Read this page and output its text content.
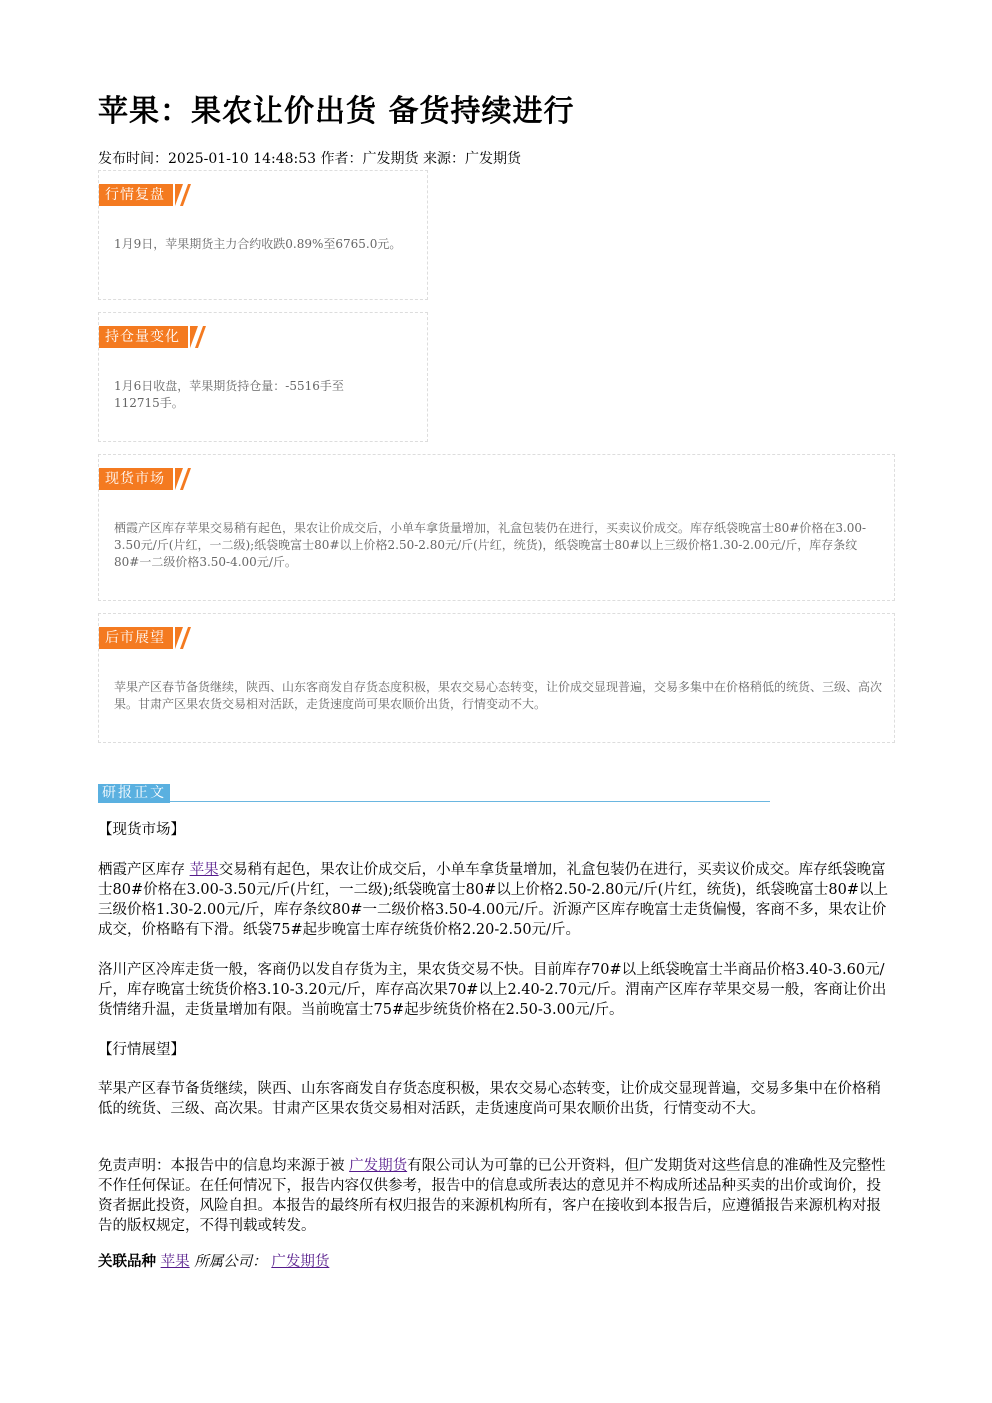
苹果：果农让价出货 备货持续进行
发布时间：2025-01-10 14:48:53 作者：广发期货 来源：广发期货
行情复盘
1月9日，苹果期货主力合约收跌0.89%至6765.0元。
持仓量变化
1月6日收盘，苹果期货持仓量：-5516手至112715手。
现货市场
栖霞产区库存苹果交易稍有起色，果农让价成交后，小单车拿货量增加，礼盒包装仍在进行，买卖议价成交。库存纸袋晚富士80#价格在3.00-3.50元/斤(片红，一二级);纸袋晚富士80#以上价格2.50-2.80元/斤(片红，统货)，纸袋晚富士80#以上三级价格1.30-2.00元/斤，库存条纹80#一二级价格3.50-4.00元/斤。
后市展望
苹果产区春节备货继续，陕西、山东客商发自存货态度积极，果农交易心态转变，让价成交显现普遍，交易多集中在价格稍低的统货、三级、高次果。甘肃产区果农货交易相对活跃，走货速度尚可果农顺价出货，行情变动不大。
研报正文
【现货市场】
栖霞产区库存 苹果交易稍有起色，果农让价成交后，小单车拿货量增加，礼盒包装仍在进行，买卖议价成交。库存纸袋晚富士80#价格在3.00-3.50元/斤(片红，一二级);纸袋晚富士80#以上价格2.50-2.80元/斤(片红，统货)，纸袋晚富士80#以上三级价格1.30-2.00元/斤，库存条纹80#一二级价格3.50-4.00元/斤。沂源产区库存晚富士走货偏慢，客商不多，果农让价成交，价格略有下滑。纸袋75#起步晚富士库存统货价格2.20-2.50元/斤。
洛川产区冷库走货一般，客商仍以发自存货为主，果农货交易不快。目前库存70#以上纸袋晚富士半商品价格3.40-3.60元/斤，库存晚富士统货价格3.10-3.20元/斤，库存高次果70#以上2.40-2.70元/斤。渭南产区库存苹果交易一般，客商让价出货情绪升温，走货量增加有限。当前晚富士75#起步统货价格在2.50-3.00元/斤。
【行情展望】
苹果产区春节备货继续，陕西、山东客商发自存货态度积极，果农交易心态转变，让价成交显现普遍，交易多集中在价格稍低的统货、三级、高次果。甘肃产区果农货交易相对活跃，走货速度尚可果农顺价出货，行情变动不大。
免责声明：本报告中的信息均来源于被 广发期货有限公司认为可靠的已公开资料，但广发期货对这些信息的准确性及完整性不作任何保证。在任何情况下，报告内容仅供参考，报告中的信息或所表达的意见并不构成所述品种买卖的出价或询价，投资者据此投资，风险自担。本报告的最终所有权归报告的来源机构所有，客户在接收到本报告后，应遵循报告来源机构对报告的版权规定，不得刊载或转发。
关联品种 苹果 所属公司： 广发期货
